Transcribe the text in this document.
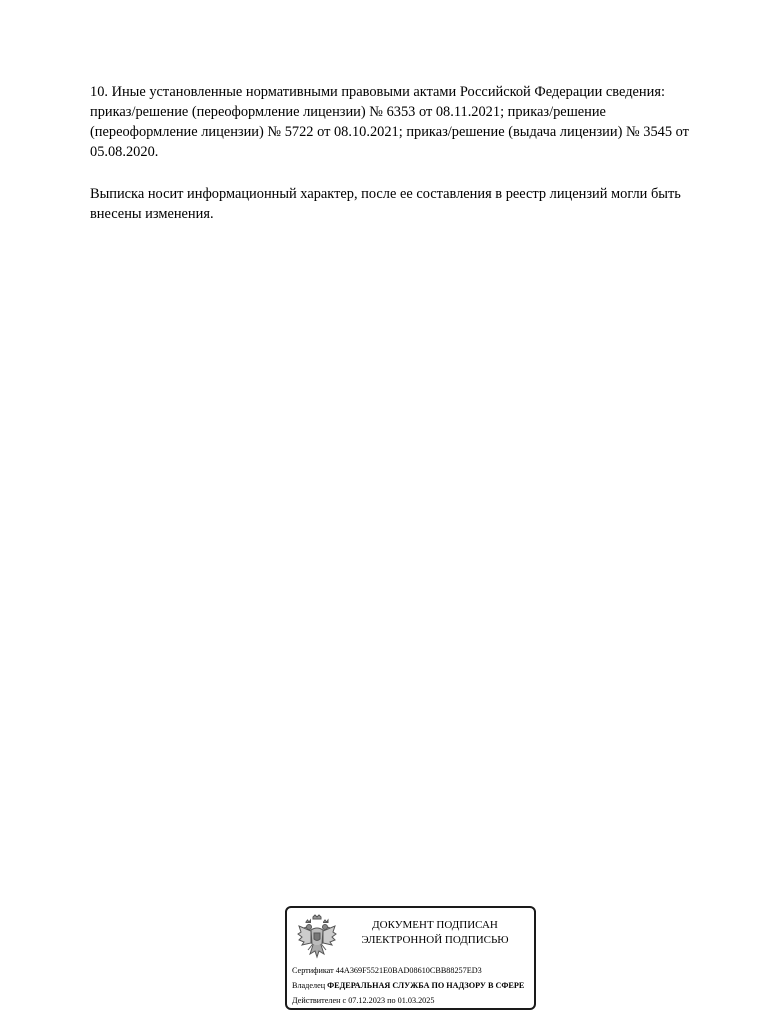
10. Иные установленные нормативными правовыми актами Российской Федерации сведения:
приказ/решение (переоформление лицензии) № 6353 от 08.11.2021; приказ/решение
(переоформление лицензии) № 5722 от 08.10.2021; приказ/решение (выдача лицензии) № 3545 от
05.08.2020.

Выписка носит информационный характер, после ее составления в реестр лицензий могли быть
внесены изменения.

ДОКУМЕНТ ПОДПИСАН
ЭЛЕКТРОННОЙ ПОДПИСЬЮ
Сертификат 44A369F5521E0BAD08610CBB88257ED3
Владелец ФЕДЕРАЛЬНАЯ СЛУЖБА ПО НАДЗОРУ В СФЕРЕ
Действителен с 07.12.2023 по 01.03.2025
